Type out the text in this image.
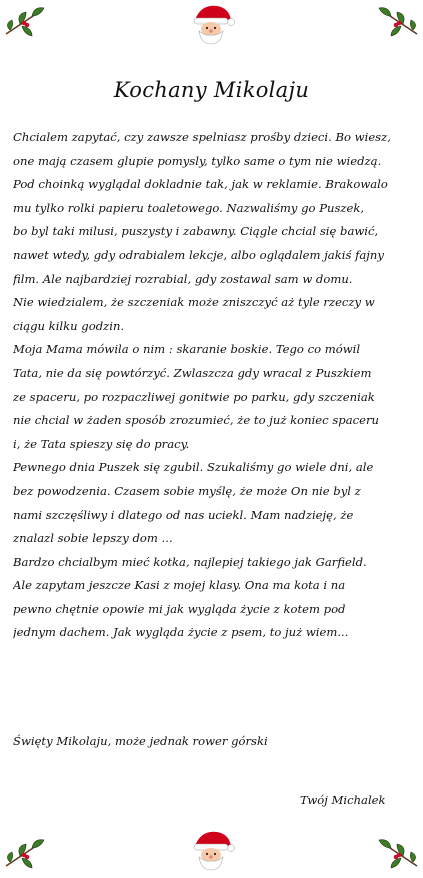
Kochany Mikolaju
Chcialem zapytać, czy zawsze spelniasz prośby dzieci. Bo wiesz,
one mają czasem glupie pomysly, tylko same o tym nie wiedzą.
Pod choinką wyglądal dokladnie tak, jak w reklamie. Brakowalo
mu tylko rolki papieru toaletowego. Nazwaliśmy go Puszek,
bo byl taki milusi, puszysty i zabawny. Ciągle chcial się bawić,
nawet wtedy, gdy odrabialem lekcje, albo oglądalem jakiś fajny
film. Ale najbardziej rozrabial, gdy zostawal sam w domu.
Nie wiedzialem, że szczeniak może zniszczyć aż tyle rzeczy w
ciągu kilku godzin.
Moja Mama mówila o nim : skaranie boskie. Tego co mówil
Tata, nie da się powtórzyć. Zwlaszcza gdy wracal z Puszkiem
ze spaceru, po rozpaczliwej gonitwie po parku, gdy szczeniak
nie chcial w żaden sposób zrozumieć, że to już koniec spaceru
i, że Tata spieszy się do pracy.
Pewnego dnia Puszek się zgubil. Szukaliśmy go wiele dni, ale
bez powodzenia. Czasem sobie myślę, że może On nie byl z
nami szczęśliwy i dlatego od nas uciekl. Mam nadzieję, że
znalazl sobie lepszy dom ...
Bardzo chcialbym mieć kotka, najlepiej takiego jak Garfield.
Ale zapytam jeszcze Kasi z mojej klasy. Ona ma kota i na
pewno chętnie opowie mi jak wygląda życie z kotem pod
jednym dachem. Jak wygląda życie z psem, to już wiem...
Święty Mikolaju, może jednak rower górski
Twój Michalek
